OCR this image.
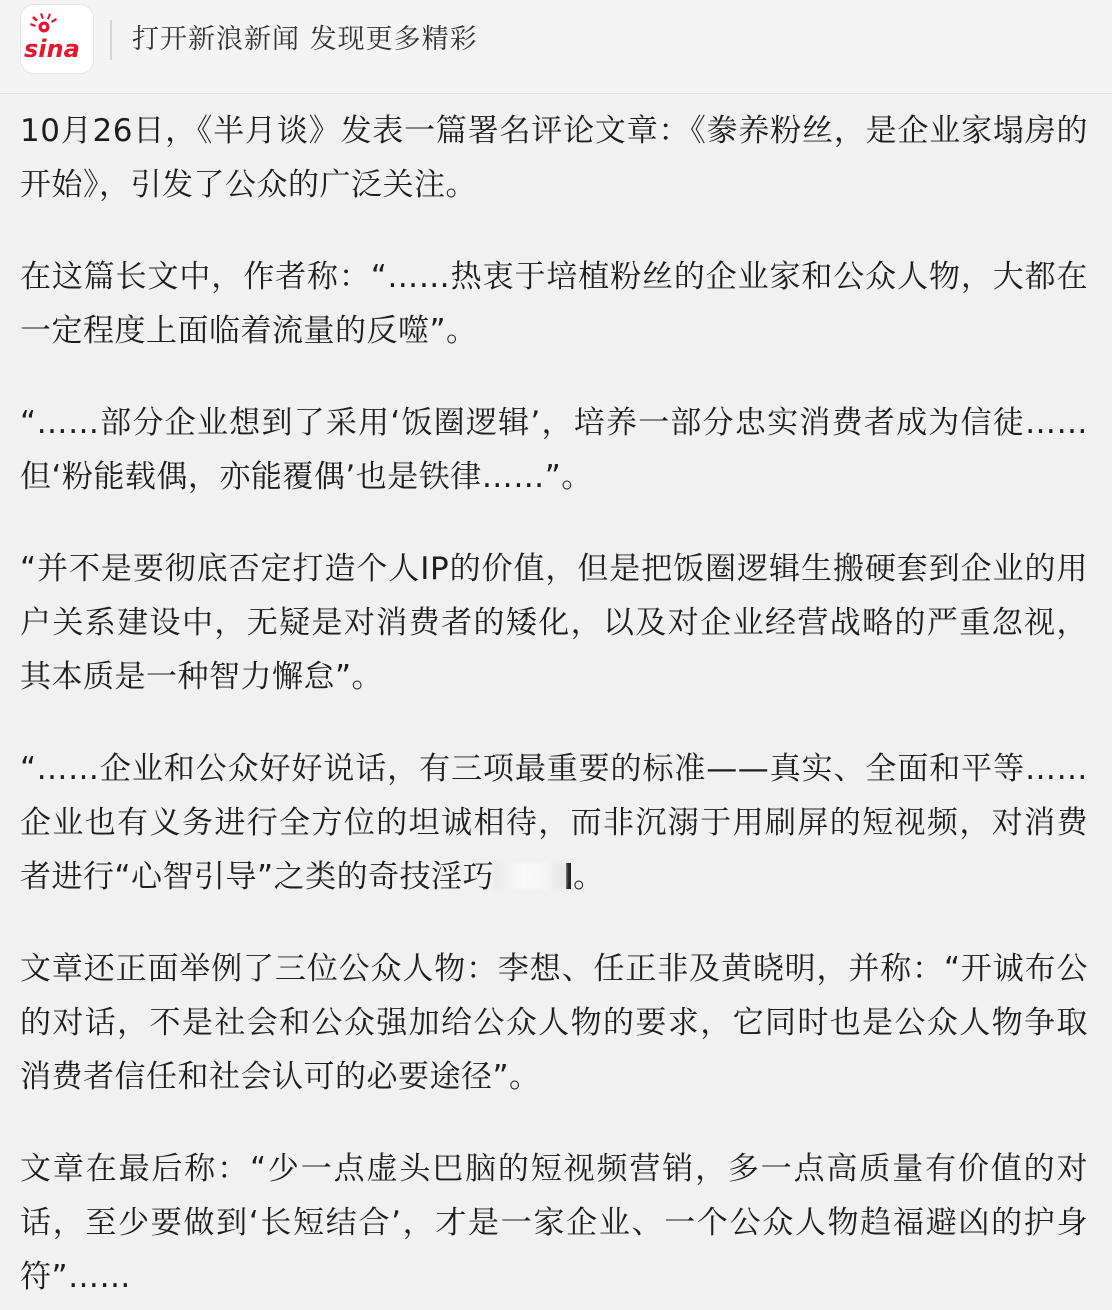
sina 打开新浪新闻 发现更多精彩

10月26日，《半月谈》发表一篇署名评论文章：《豢养粉丝，是企业家塌房的开始》，引发了公众的广泛关注。

在这篇长文中，作者称：“……热衷于培植粉丝的企业家和公众人物，大都在一定程度上面临着流量的反噬”。

“……部分企业想到了采用‘饭圈逻辑’，培养一部分忠实消费者成为信徒……但‘粉能载偶，亦能覆偶’也是铁律……”。

“并不是要彻底否定打造个人IP的价值，但是把饭圈逻辑生搬硬套到企业的用户关系建设中，无疑是对消费者的矮化，以及对企业经营战略的严重忽视，其本质是一种智力懈怠”。

“……企业和公众好好说话，有三项最重要的标准——真实、全面和平等……企业也有义务进行全方位的坦诚相待，而非沉溺于用刷屏的短视频，对消费者进行“心智引导”之类的奇技淫巧	。

文章还正面举例了三位公众人物：李想、任正非及黄晓明，并称：“开诚布公的对话，不是社会和公众强加给公众人物的要求，它同时也是公众人物争取消费者信任和社会认可的必要途径”。

文章在最后称：“少一点虚头巴脑的短视频营销，多一点高质量有价值的对话，至少要做到‘长短结合’，才是一家企业、一个公众人物趋福避凶的护身符”……
